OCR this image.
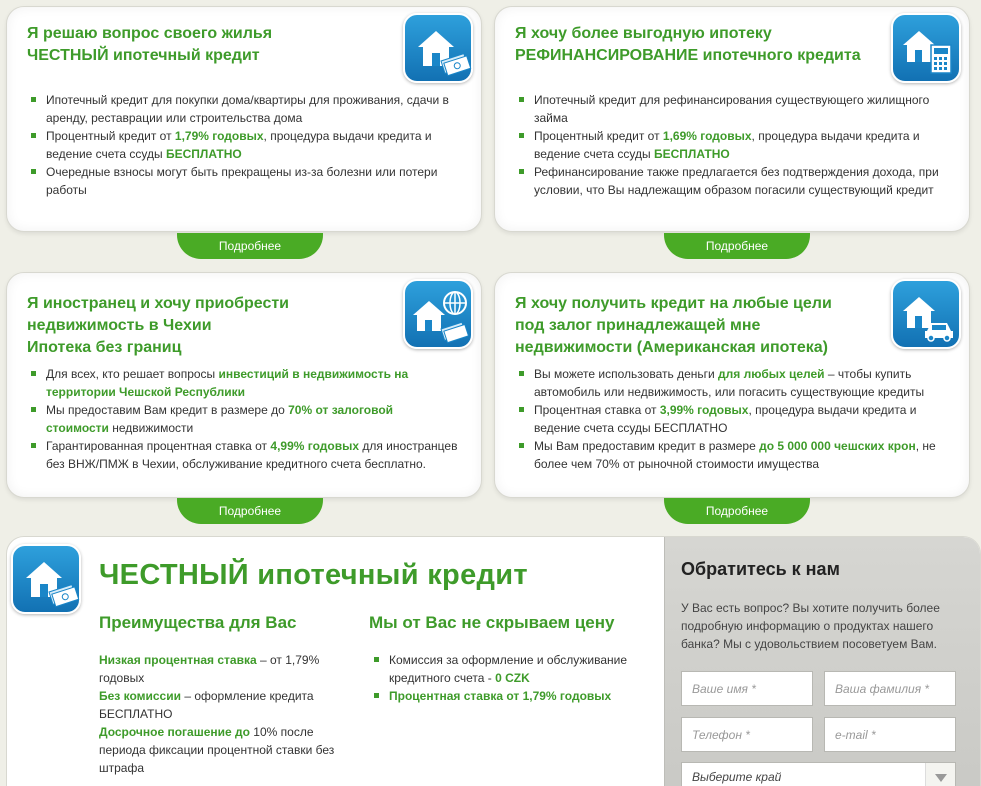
Я решаю вопрос своего жилья
ЧЕСТНЫЙ ипотечный кредит
Ипотечный кредит для покупки дома/квартиры для проживания, сдачи в аренду, реставрации или строительства дома
Процентный кредит от 1,79% годовых, процедура выдачи кредита и ведение счета ссуды БЕСПЛАТНО
Очередные взносы могут быть прекращены из-за болезни или потери работы
Подробнее
Я хочу более выгодную ипотеку
РЕФИНАНСИРОВАНИЕ ипотечного кредита
Ипотечный кредит для рефинансирования существующего жилищного займа
Процентный кредит от 1,69% годовых, процедура выдачи кредита и ведение счета ссуды БЕСПЛАТНО
Рефинансирование также предлагается без подтверждения дохода, при условии, что Вы надлежащим образом погасили существующий кредит
Подробнее
Я иностранец и хочу приобрести
недвижимость в Чехии
Ипотека без границ
Для всех, кто решает вопросы инвестиций в недвижимость на территории Чешской Республики
Мы предоставим Вам кредит в размере до 70% от залоговой стоимости недвижимости
Гарантированная процентная ставка от 4,99% годовых для иностранцев без ВНЖ/ПМЖ в Чехии, обслуживание кредитного счета бесплатно.
Подробнее
Я хочу получить кредит на любые цели
под залог принадлежащей мне
недвижимости (Американская ипотека)
Вы можете использовать деньги для любых целей – чтобы купить автомобиль или недвижимость, или погасить существующие кредиты
Процентная ставка от 3,99% годовых, процедура выдачи кредита и ведение счета ссуды БЕСПЛАТНО
Мы Вам предоставим кредит в размере до 5 000 000 чешских крон, не более чем 70% от рыночной стоимости имущества
Подробнее
ЧЕСТНЫЙ ипотечный кредит
Преимущества для Вас

Низкая процентная ставка – от 1,79% годовых

Без комиссии – оформление кредита БЕСПЛАТНО

Досрочное погашение до 10% после периода фиксации процентной ставки без штрафа

Мы от Вас не скрываем цену
Комиссия за оформление и обслуживание кредитного счета - 0 CZK
Процентная ставка от 1,79% годовых
Обратитесь к нам
У Вас есть вопрос? Вы хотите получить более подробную информацию о продуктах нашего банка? Мы с удовольствием посоветуем Вам.
Ваше имя *
Ваша фамилия *
Телефон *
e-mail *
Выберите край
